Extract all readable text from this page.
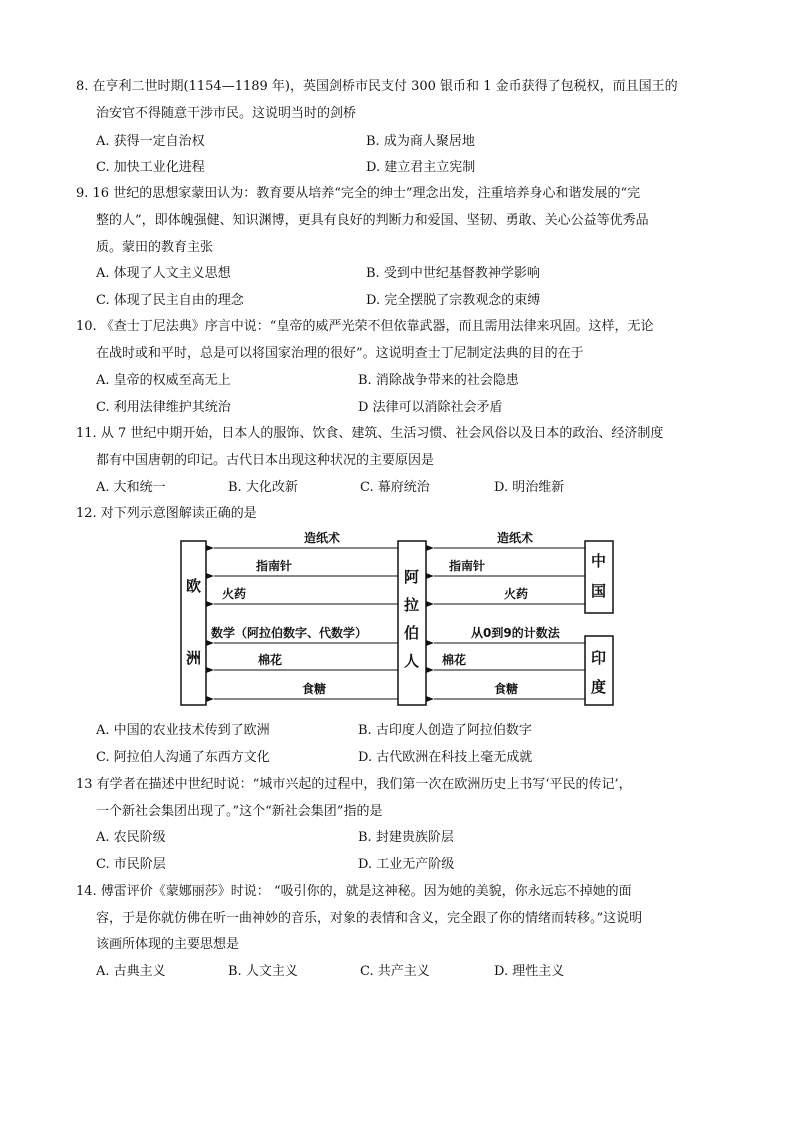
8. 在亨利二世时期(1154—1189 年)，英国剑桥市民支付 300 银币和 1 金币获得了包税权，而且国王的
治安官不得随意干涉市民。这说明当时的剑桥
A. 获得一定自治权	B. 成为商人聚居地
C. 加快工业化进程	D. 建立君主立宪制
9. 16 世纪的思想家蒙田认为：教育要从培养“完全的绅士”理念出发，注重培养身心和谐发展的“完
整的人”，即体魄强健、知识渊博，更具有良好的判断力和爱国、坚韧、勇敢、关心公益等优秀品
质。蒙田的教育主张
A. 体现了人文主义思想	B. 受到中世纪基督教神学影响
C. 体现了民主自由的理念	D. 完全摆脱了宗教观念的束缚
10. 《查士丁尼法典》序言中说：“皇帝的威严光荣不但依靠武器，而且需用法律来巩固。这样，无论
在战时或和平时，总是可以将国家治理的很好”。这说明查士丁尼制定法典的目的在于
A. 皇帝的权威至高无上	B. 消除战争带来的社会隐患
C. 利用法律维护其统治	D 法律可以消除社会矛盾
11. 从 7 世纪中期开始，日本人的服饰、饮食、建筑、生活习惯、社会风俗以及日本的政治、经济制度
都有中国唐朝的印记。古代日本出现这种状况的主要原因是
A. 大和统一	B. 大化改新	C. 幕府统治	D. 明治维新
12. 对下列示意图解读正确的是
欧
洲
阿
拉
伯
人
中
国
印
度
造纸术
指南针
火药
数学（阿拉伯数字、代数学）
棉花
食糖
造纸术
指南针
火药
从0到9的计数法
棉花
食糖
A. 中国的农业技术传到了欧洲	B. 古印度人创造了阿拉伯数字
C. 阿拉伯人沟通了东西方文化	D. 古代欧洲在科技上毫无成就
13 有学者在描述中世纪时说：“城市兴起的过程中，我们第一次在欧洲历史上书写‘平民的传记’，
一个新社会集团出现了。”这个“新社会集团”指的是
A. 农民阶级	B. 封建贵族阶层
C. 市民阶层	D. 工业无产阶级
14. 傅雷评价《蒙娜丽莎》时说： “吸引你的，就是这神秘。因为她的美貌，你永远忘不掉她的面
容，于是你就仿佛在听一曲神妙的音乐，对象的表情和含义，完全跟了你的情绪而转移。”这说明
该画所体现的主要思想是
A. 古典主义	B. 人文主义	C. 共产主义	D. 理性主义
